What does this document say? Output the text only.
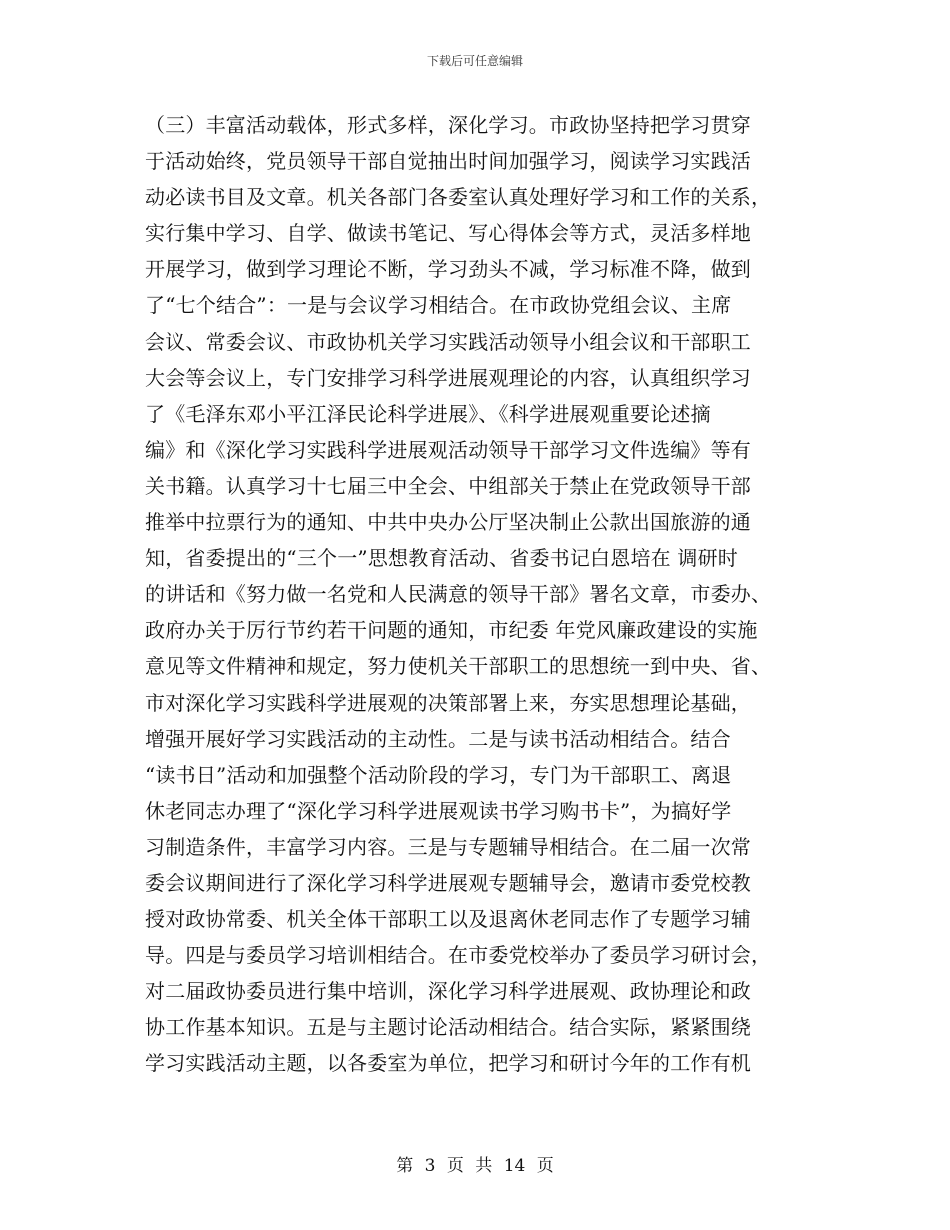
下载后可任意编辑
（三）丰富活动载体，形式多样，深化学习。市政协坚持把学习贯穿
于活动始终，党员领导干部自觉抽出时间加强学习，阅读学习实践活
动必读书目及文章。机关各部门各委室认真处理好学习和工作的关系，
实行集中学习、自学、做读书笔记、写心得体会等方式，灵活多样地
开展学习，做到学习理论不断，学习劲头不减，学习标准不降，做到
了“七个结合”：一是与会议学习相结合。在市政协党组会议、主席
会议、常委会议、市政协机关学习实践活动领导小组会议和干部职工
大会等会议上，专门安排学习科学进展观理论的内容，认真组织学习
了《毛泽东邓小平江泽民论科学进展》、《科学进展观重要论述摘
编》和《深化学习实践科学进展观活动领导干部学习文件选编》等有
关书籍。认真学习十七届三中全会、中组部关于禁止在党政领导干部
推举中拉票行为的通知、中共中央办公厅坚决制止公款出国旅游的通
知，省委提出的“三个一”思想教育活动、省委书记白恩培在 调研时
的讲话和《努力做一名党和人民满意的领导干部》署名文章，市委办、
政府办关于厉行节约若干问题的通知，市纪委 年党风廉政建设的实施
意见等文件精神和规定，努力使机关干部职工的思想统一到中央、省、
市对深化学习实践科学进展观的决策部署上来，夯实思想理论基础，
增强开展好学习实践活动的主动性。二是与读书活动相结合。结合
“读书日”活动和加强整个活动阶段的学习，专门为干部职工、离退
休老同志办理了“深化学习科学进展观读书学习购书卡”，为搞好学
习制造条件，丰富学习内容。三是与专题辅导相结合。在二届一次常
委会议期间进行了深化学习科学进展观专题辅导会，邀请市委党校教
授对政协常委、机关全体干部职工以及退离休老同志作了专题学习辅
导。四是与委员学习培训相结合。在市委党校举办了委员学习研讨会，
对二届政协委员进行集中培训，深化学习科学进展观、政协理论和政
协工作基本知识。五是与主题讨论活动相结合。结合实际，紧紧围绕
学习实践活动主题，以各委室为单位，把学习和研讨今年的工作有机
第 3 页 共 14 页
